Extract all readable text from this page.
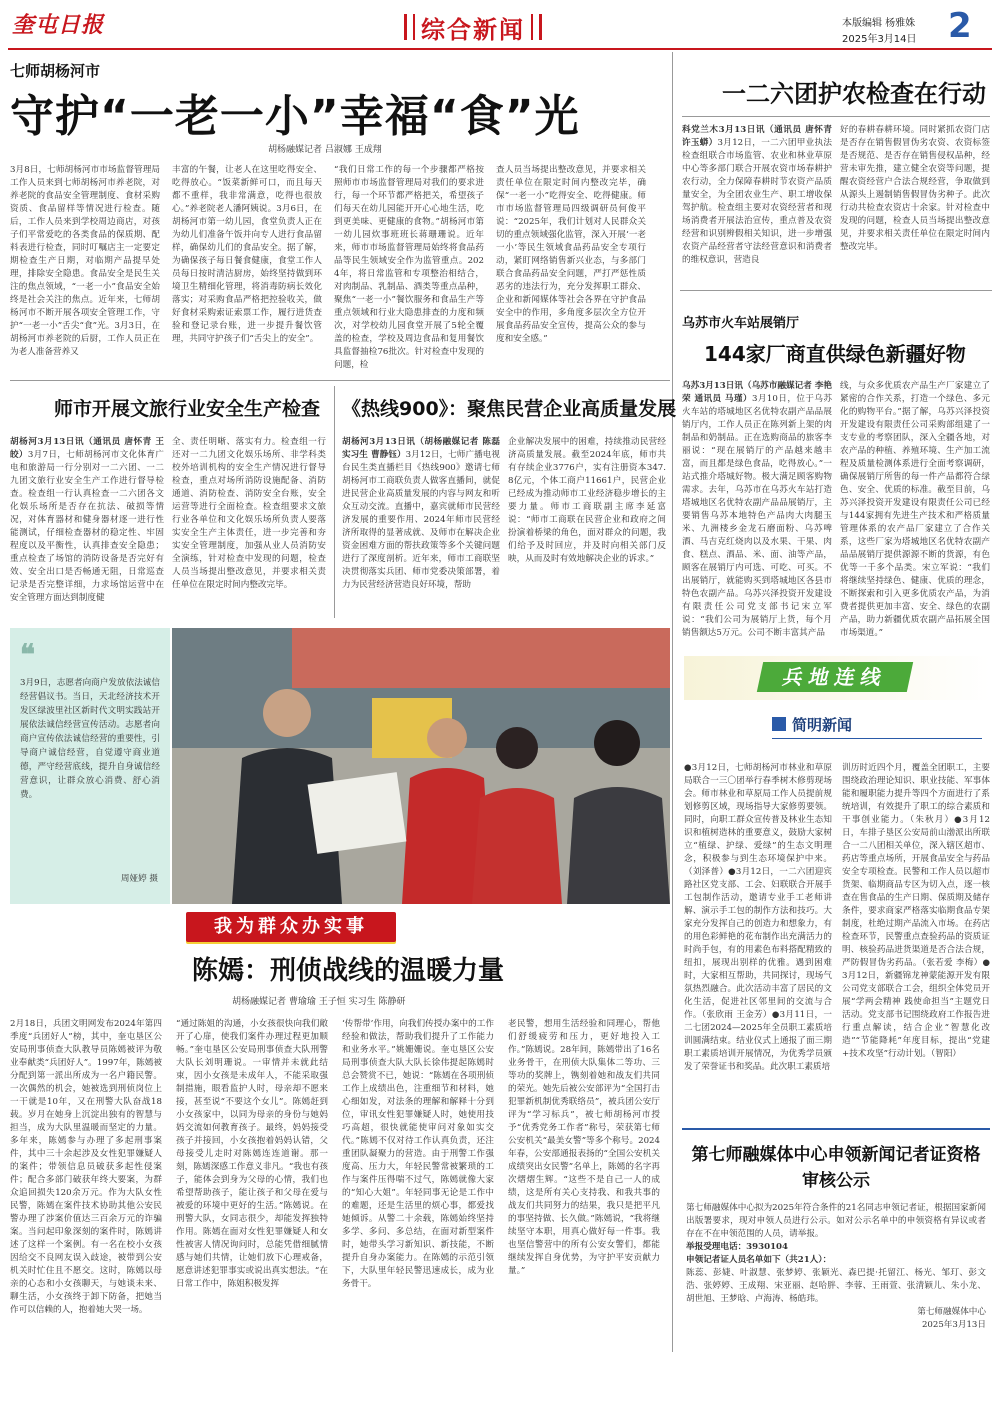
奎屯日报	综合新闻	本版编辑 杨雅姝
2025年3月14日 2
七师胡杨河市
守护“一老一小”幸福“食”光
胡杨融媒记者 吕淑娜 王成翔
3月8日，七师胡杨河市市场监督管理局工作人员来到七师胡杨河市养老院，对养老院的食品安全管理制度、食材采购资质、食品留样等情况进行检查。随后，工作人员来到学校周边商店，对孩子们平常爱吃的各类食品的保质期、配料表进行检查，同时叮嘱店主一定要定期检查生产日期，对临期产品提早处理，排除安全隐患。食品安全是民生关注的焦点领域，“一老一小”食品安全始终是社会关注的焦点。近年来，七师胡杨河市不断开展各项安全管理工作，守护“一老一小”舌尖“食”光。3月3日，在胡杨河市养老院的后厨，工作人员正在为老人准备营养又
丰富的午餐，让老人在这里吃得安全、吃得放心。“饭菜新鲜可口，而且每天都不重样，我非常满意，吃得也很放心。”养老院老人潘阿姨说。3月6日，在胡杨河市第一幼儿园，食堂负责人正在为幼儿们准备午饭并向专人进行食品留样，确保幼儿们的食品安全。据了解，为确保孩子每日餐食健康，食堂工作人员每日按时清洁厨房，始终坚持做到环境卫生精细化管理，将消毒防病长效化落实；对采购食品严格把控验收关，做好食材采购索证索票工作，履行进货查验和登记录台账，进一步提升餐饮管理，共同守护孩子们“舌尖上的安全”。
“我们日常工作的每一个步骤都严格按照师市市场监督管理局对我们的要求进行，每一个环节都严格把关，希望孩子们每天在幼儿园能开开心心地生活，吃到更美味、更健康的食物。”胡杨河市第一幼儿园炊事班班长蒋珊珊说。近年来，师市市场监督管理局始终将食品药品等民生领域安全作为监管重点。2024年，将日常监管和专项整治相结合，对肉制品、乳制品、酒类等重点品种，聚焦“一老一小”餐饮服务和食品生产等重点领域和行业大隐患排查的力度和频次，对学校幼儿园食堂开展了5轮全覆盖的检查，学校及周边食品和复用餐饮具监督抽检76批次。针对检查中发现的问题，检
查人员当场提出整改意见，并要求相关责任单位在限定时间内整改完毕，确保“一老一小”吃得安全、吃得健康。师市市场监督管理局四级调研员何俊平说：“2025年，我们计划对人民群众关切的重点领域强化监管，深入开展‘一老一小’等民生领域食品药品安全专项行动，紧盯网络销售新兴业态，与多部门联合食品药品安全问题，严打严惩性质恶劣的违法行为，充分发挥职工群众、企业和新闻媒体等社会各界在守护食品安全中的作用，多角度多层次全方位开展食品药品安全宣传，提高公众的参与度和安全感。”
一二六团护农检查在行动
科党兰木3月13日讯（通讯员 唐怀青 许玉蟒）3月12日，一二六团甲业执法检查组联合市场监管、农业和林业草原中心等多部门联合开展农资市场春耕护农行动，全力保障春耕时节农资产品质量安全，为全团农业生产、职工增收保驾护航。检查组主要对农资经营者和现场消费者开展法治宣传，重点普及农资经营和识别辨假相关知识，进一步增强农资产品经营者守法经营意识和消费者的维权意识，营造良
好的春耕春耕环境。同时紧抓农资门店是否存在销售假冒伪劣农资、农资标签是否规范、是否存在销售侵权品种，经营未审先推，建立健全农资等问题，提醒农资经营户合法合规经营，争取做到从源头上遏制销售假冒伪劣种子。此次行动共检查农资店十余家。针对检查中发现的问题，检查人员当场提出整改意见，并要求相关责任单位在限定时间内整改完毕。
乌苏市火车站展销厅
144家厂商直供绿色新疆好物
乌苏3月13日讯（乌苏市融媒记者 李艳荣 通讯员 马瑾）3月10日，位于乌苏火车站的塔城地区名优特农副产品品展销厅内，工作人员正在陈列新上架的肉制品和奶制品。正在选购商品的旅客李丽说：“现在展销厅的产品越来越丰富，而且都是绿色食品，吃得放心。”一站式推介塔城好物。极大满足顾客购物需求。去年，乌苏市在乌苏火车站打造塔城地区名优特农副产品品展销厅，主要销售乌苏本地特色产品肉大肉腿玉米、九洲楼乡金龙石磨面粉、乌苏啤酒、马吉克红烧肉以及水果、干果、肉食、糕点、酒品、米、面、油等产品，顾客在展销厅内可选、可吃、可买。不出展销厅，就能购买到塔城地区各县市特色农副产品。乌苏兴泽投资开发建设有限责任公司党支部书记宋立军说：“我们公司为展销厅上货，每个月销售额达5万元。公司不断丰富其产品
线，与众多优质农产品生产厂家建立了紧密的合作关系，打造一个绿色、多元化的购物平台。”据了解，乌苏兴泽投资开发建设有限责任公司采购部组建了一支专业的考察团队，深入全疆各地，对农产品的种植、养殖环境、生产加工流程及质量检测体系进行全面考察调研，确保展销厅所售的每一件产品都符合绿色、安全、优质的标准。截至目前，乌苏兴泽投资开发建设有限责任公司已经与144家拥有先进生产技术和严格质量管理体系的农产品厂家建立了合作关系，这些厂家为塔城地区名优特农副产品品展销厅提供源源不断的货源，有色优等一千多个品类。宋立军说：“我们将继续坚持绿色、健康、优质的理念，不断探索和引入更多优质农产品，为消费者提供更加丰富、安全、绿色的农副产品，助力新疆优质农副产品拓展全国市场渠道。”
师市开展文旅行业安全生产检查
胡杨河3月13日讯（通讯员 唐怀青 王皎）3月7日，七师胡杨河市文化体育广电和旅游局一行分别对一二六团、一二九团文旅行业安全生产工作进行督导检查。检查组一行认真检查一二六团各文化娱乐场所是否存在抗法、破损等情况，对体育器材和健身器材逐一进行性能测试，仔细检查器材的稳定性、牢固程度以及平衡性，认真排查安全隐患；重点检查了场馆的消防设备是否完好有效、安全出口是否畅通无阻，日常巡查记录是否完整详细，力求场馆运营中在安全管理方面达到制度健
全、责任明晰、落实有力。检查组一行还对一二九团文化娱乐场所、非学科类校外培训机构的安全生产情况进行督导检查，重点对场所消防设施配备、消防通道、消防检查、消防安全台账，安全运营等进行全面检查。检查组要求文旅行业各单位和文化娱乐场所负责人要落实安全生产主体责任，进一步完善和夯实安全管理制度，加强从业人员消防安全演练，针对检查中发现的问题，检查人员当场提出整改意见，并要求相关责任单位在限定时间内整改完毕。
《热线900》：聚焦民营企业高质量发展
胡杨河3月13日讯（胡杨融媒记者 陈磊 实习生 曹静钰）3月12日，七师广播电视台民生类直播栏目《热线900》邀请七师胡杨河市工商联负责人做客直播间，就促进民营企业高质量发展的内容与网友和听众互动交流。直播中，嘉宾就师市民营经济发展的重要作用、2024年师市民营经济所取得的显著成就、及师市在解决企业资金困难方面的帮扶政策等多个关键问题进行了深度剖析。近年来，师市工商联坚决贯彻落实兵团、师市党委决策部署，着力为民营经济营造良好环境，帮助
企业解决发展中的困难，持续推动民营经济高质量发展。截至2024年底，师市共有存续企业3776户，实有注册资本347.8亿元，个体工商户11661户，民营企业已经成为推动师市工业经济稳步增长的主要力量。师市工商联副主席李延富说：“师市工商联在民营企业和政府之间扮演着桥梁的角色，面对群众的问题，我们给予及时回应，并及时向相关部门反映，从而及时有效地解决企业的诉求。”
❝
3月9日，志愿者向商户发放依法诚信经营倡议书。当日，天北经济技术开发区绿波里社区新时代文明实践站开展依法诚信经营宣传活动。志愿者向商户宣传依法诚信经营的重要性，引导商户诚信经营，自觉遵守商业道德，严守经营底线，提升自身诚信经营意识，让群众放心消费、舒心消费。
周娅婷 摄
兵地连线
简明新闻
●3月12日，七师胡杨河市林业和草原局联合一三〇团举行春季树木修剪现场会。师市林业和草原局工作人员提前规划修剪区域，现场指导大家修剪要领。同时，向职工群众宣传普及林业生态知识和植树造林的重要意义，鼓励大家树立“植绿、护绿、爱绿”的生态文明理念，积极参与到生态环境保护中来。（刘泽普）●3月12日，一二六团迎宾路社区党支部、工会、妇联联合开展手工包制作活动，邀请专业手工老师讲解、演示手工包的制作方法和技巧。大家充分发挥自己的创造力和想象力，有的用色彩鲜艳的花布制作出充满活力的时尚手包，有的用素色布料搭配精致的纽扣，展现出别样的优雅。遇到困难时，大家相互帮助，共同探讨，现场气氛热烈融合。此次活动丰富了居民的文化生活，促进社区邻里间的交流与合作。（张欣雨 王金芳）●3月11日，一二七团2024—2025年全员职工素质培训圆满结束。结业仪式上通报了面三期职工素质培训开展情况，为优秀学员颁发了荣誉证书和奖品。此次职工素质培
训历时近四个月，覆盖全团职工，主要围绕政治理论知识、职业技能、军事体能和履职能力提升等四个方面进行了系统培训，有效提升了职工的综合素质和干事创业能力。（朱秋月）●3月12日，车排子垦区公安局前山渤派出所联合一二八团相关单位，深入辖区超市、药店等重点场所，开展食品安全与药品安全专项检查。民警和工作人员以超市货架、临期商品专区为切入点，逐一核查在售食品的生产日期、保质期及储存条件，要求商家严格落实临期食品专架制度，杜绝过期产品流入市场。在药店检查环节，民警重点查验药品的资质证明、核验药品进货渠道是否合法合规，严防假冒伪劣药品。（张若爱 李梅）●3月12日，新疆锦龙神蒙能源开发有限公司党支部联合工会，组织全体党员开展“学两会精神 践使命担当”主题党日活动。党支部书记围绕政府工作报告进行重点解读，结合企业“智慧化改造”“节能降耗”年度目标，提出“党建+技术攻坚”行动计划。（智阳）
我为群众办实事
陈嫣：刑侦战线的温暖力量
胡杨融媒记者 曹瑜瑜 王子恒 实习生 陈静研
2月18日，兵团文明网发布2024年第四季度“兵团好人”榜，其中，奎屯垦区公安局刑事侦查大队教导员陈嫣被评为敬业奉献类“兵团好人”。1997年，陈嫣被分配到第一派出所成为一名户籍民警。一次偶然的机会，她被选到刑侦岗位上一干就是10年，又在刑警大队奋战18载。岁月在她身上沉淀出独有的智慧与担当，成为大队里温暖而坚定的力量。多年来，陈嫣参与办理了多起刑事案件，其中三十余起涉及女性犯罪嫌疑人的案件；带领信息员破获多起性侵案件；配合多部门破获年终大要案，为群众追回损失120余万元。作为大队女性民警，陈嫣在案件技术协助其他公安民警办理了涉案价值达三百余万元的诈骗案。当问起印象深刻的案件时，陈嫣讲述了这样一个案例。有一名在校小女孩因给交不良网友误入歧途，被带到公安机关时忙住且不愿交。这时，陈嫣以母亲的心态和小女孩聊天，与她谈未来、聊生活，小女孩终于卸下防备，把她当作可以信赖的人，抱着她大哭一场。
“通过陈姐的沟通，小女孩很快向我们敞开了心扉，使我们案件办理过程更加顺畅。”奎屯垦区公安局刑事侦查大队刑警大队长刘明珊说。一审情并未就此结束，因小女孩是未成年人，不能采取强制措施，眼看监护人时，母亲却不愿来接，甚至说“不要这个女儿”。陈嫣赶到小女孩家中，以同为母亲的身份与她妈妈交流如何教育孩子。最终，妈妈接受孩子并接回，小女孩抱着妈妈认错，父母接受儿走时对陈嫣连连道谢。那一刻，陈嫣深感工作意义非凡。“我也有孩子，能体会到身为父母的心情，我们也希望帮助孩子，能让孩子和父母在爱与被爱的环境中更好的生活。”陈嫣说。在刑警大队，女同志很少，却能发挥独特作用。陈嫣在面对女性犯罪嫌疑人和女性被害人情况询问时，总能凭借细腻情感与她们共情，让她们放下心理戒备，愿意讲述犯罪事实或说出真实想法。“在日常工作中，陈姐积极发挥
‘传帮带’作用，向我们传授办案中的工作经验和做法，帮助我们提升了工作能力和业务水平。”姚姗姗说。奎屯垦区公安局刑事侦查大队大队长徐伟提起陈嫣时总会赞赏不已，她说：“陈嫣在各项刑侦工作上成绩出色，注重细节和材料，她心细如发，对法条的理解和解释十分到位，审讯女性犯罪嫌疑人时，她使用技巧高超，很快就能使审问对象如实交代。”陈嫣不仅对待工作认真负责，还注重团队凝聚力的营造。由于刑警工作强度高、压力大，年轻民警常被繁琐的工作与案件压得喘不过气，陈嫣就像大家的“知心大姐”。年轻同事无论是工作中的难题，还是生活里的烦心事，都爱找她倾诉。从警二十余载，陈嫣始终坚持多学、多问、多总结，在面对新型案件时，她带头学习新知识、新技能，不断提升自身办案能力。在陈嫣的示范引领下，大队里年轻民警迅速成长，成为业务骨干。
老民警，想用生活经验和同理心，帮他们舒缓疲劳和压力，更好地投入工作。”陈嫣说。28年间，陈嫣带出了16名业务骨干，在刑侦大队集体二等功、三等功的奖牌上，镌刻着她和战友们共同的荣光。她先后被公安部评为“全国打击犯罪新机制优秀联络员”，被兵团公安厅评为“学习标兵”，被七师胡杨河市授予“优秀党务工作者”称号，荣获第七师公安机关“最美女警”等多个称号。2024年春，公安部通报表扬的“全国公安机关成绩突出女民警”名单上，陈嫣的名字再次熠熠生辉。“这些不是自己一人的成绩，这是所有关心支持我、和我共事的战友们共同努力的结果，我只是把平凡的事坚持做、长久做。”陈嫣说，“我将继续坚守本职，用真心做好每一件事。我也坚信警营中的所有公安女警们，都能继续发挥自身优势，为守护平安贡献力量。”
第七师融媒体中心申领新闻记者证资格审核公示
第七师融媒体中心拟为2025年符合条件的21名同志申领记者证，根据国家新闻出版署要求，现对申领人员进行公示。如对公示名单中的申领资格有异议或者存在不在申领范围的人员，请举报。
举报受理电话：3930104
申领记者证人员名单如下（共21人）：
陈蕊、彭婕、叶淑慧、张梦婷、张颖光、森巴提·托留江、杨光、邹玎、彭文浩、张婷婷、王成翔、宋亚丽、赵哈胖、李蓉、王雨萱、张清颖儿、朱小龙、胡世旭、王梦晗、卢海涛、杨皓玮。
第七师融媒体中心
2025年3月13日
